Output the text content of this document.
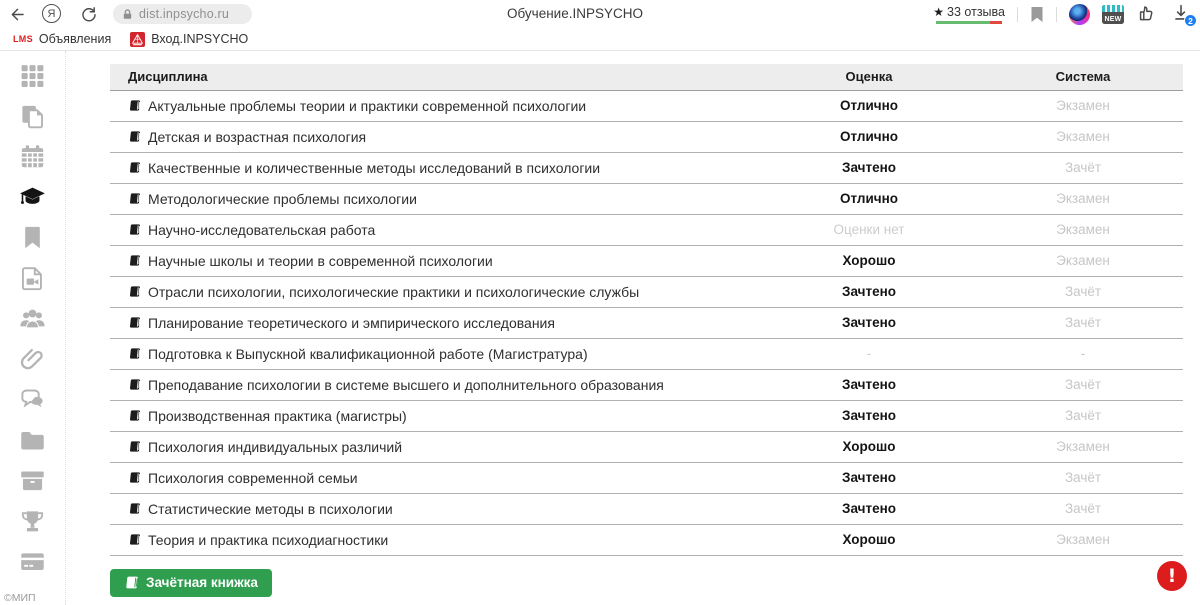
Я	dist.inpsycho.ru	Обучение.INPSYCHO	★ 33 отзыва
NEW	2
LMS Объявления	Вход.INPSYCHO
©МИП
Дисциплина	Оценка	Система

Актуальные проблемы теории и практики современной психологии	Отлично	Экзамен

Детская и возрастная психология	Отлично	Экзамен

Качественные и количественные методы исследований в психологии	Зачтено	Зачёт

Методологические проблемы психологии	Отлично	Экзамен

Научно-исследовательская работа	Оценки нет	Экзамен

Научные школы и теории в современной психологии	Хорошо	Экзамен

Отрасли психологии, психологические практики и психологические службы	Зачтено	Зачёт

Планирование теоретического и эмпирического исследования	Зачтено	Зачёт

Подготовка к Выпускной квалификационной работе (Магистратура)	-	-

Преподавание психологии в системе высшего и дополнительного образования	Зачтено	Зачёт

Производственная практика (магистры)	Зачтено	Зачёт

Психология индивидуальных различий	Хорошо	Экзамен

Психология современной семьи	Зачтено	Зачёт

Статистические методы в психологии	Зачтено	Зачёт

Теория и практика психодиагностики	Хорошо	Экзамен
Зачётная книжка	!
